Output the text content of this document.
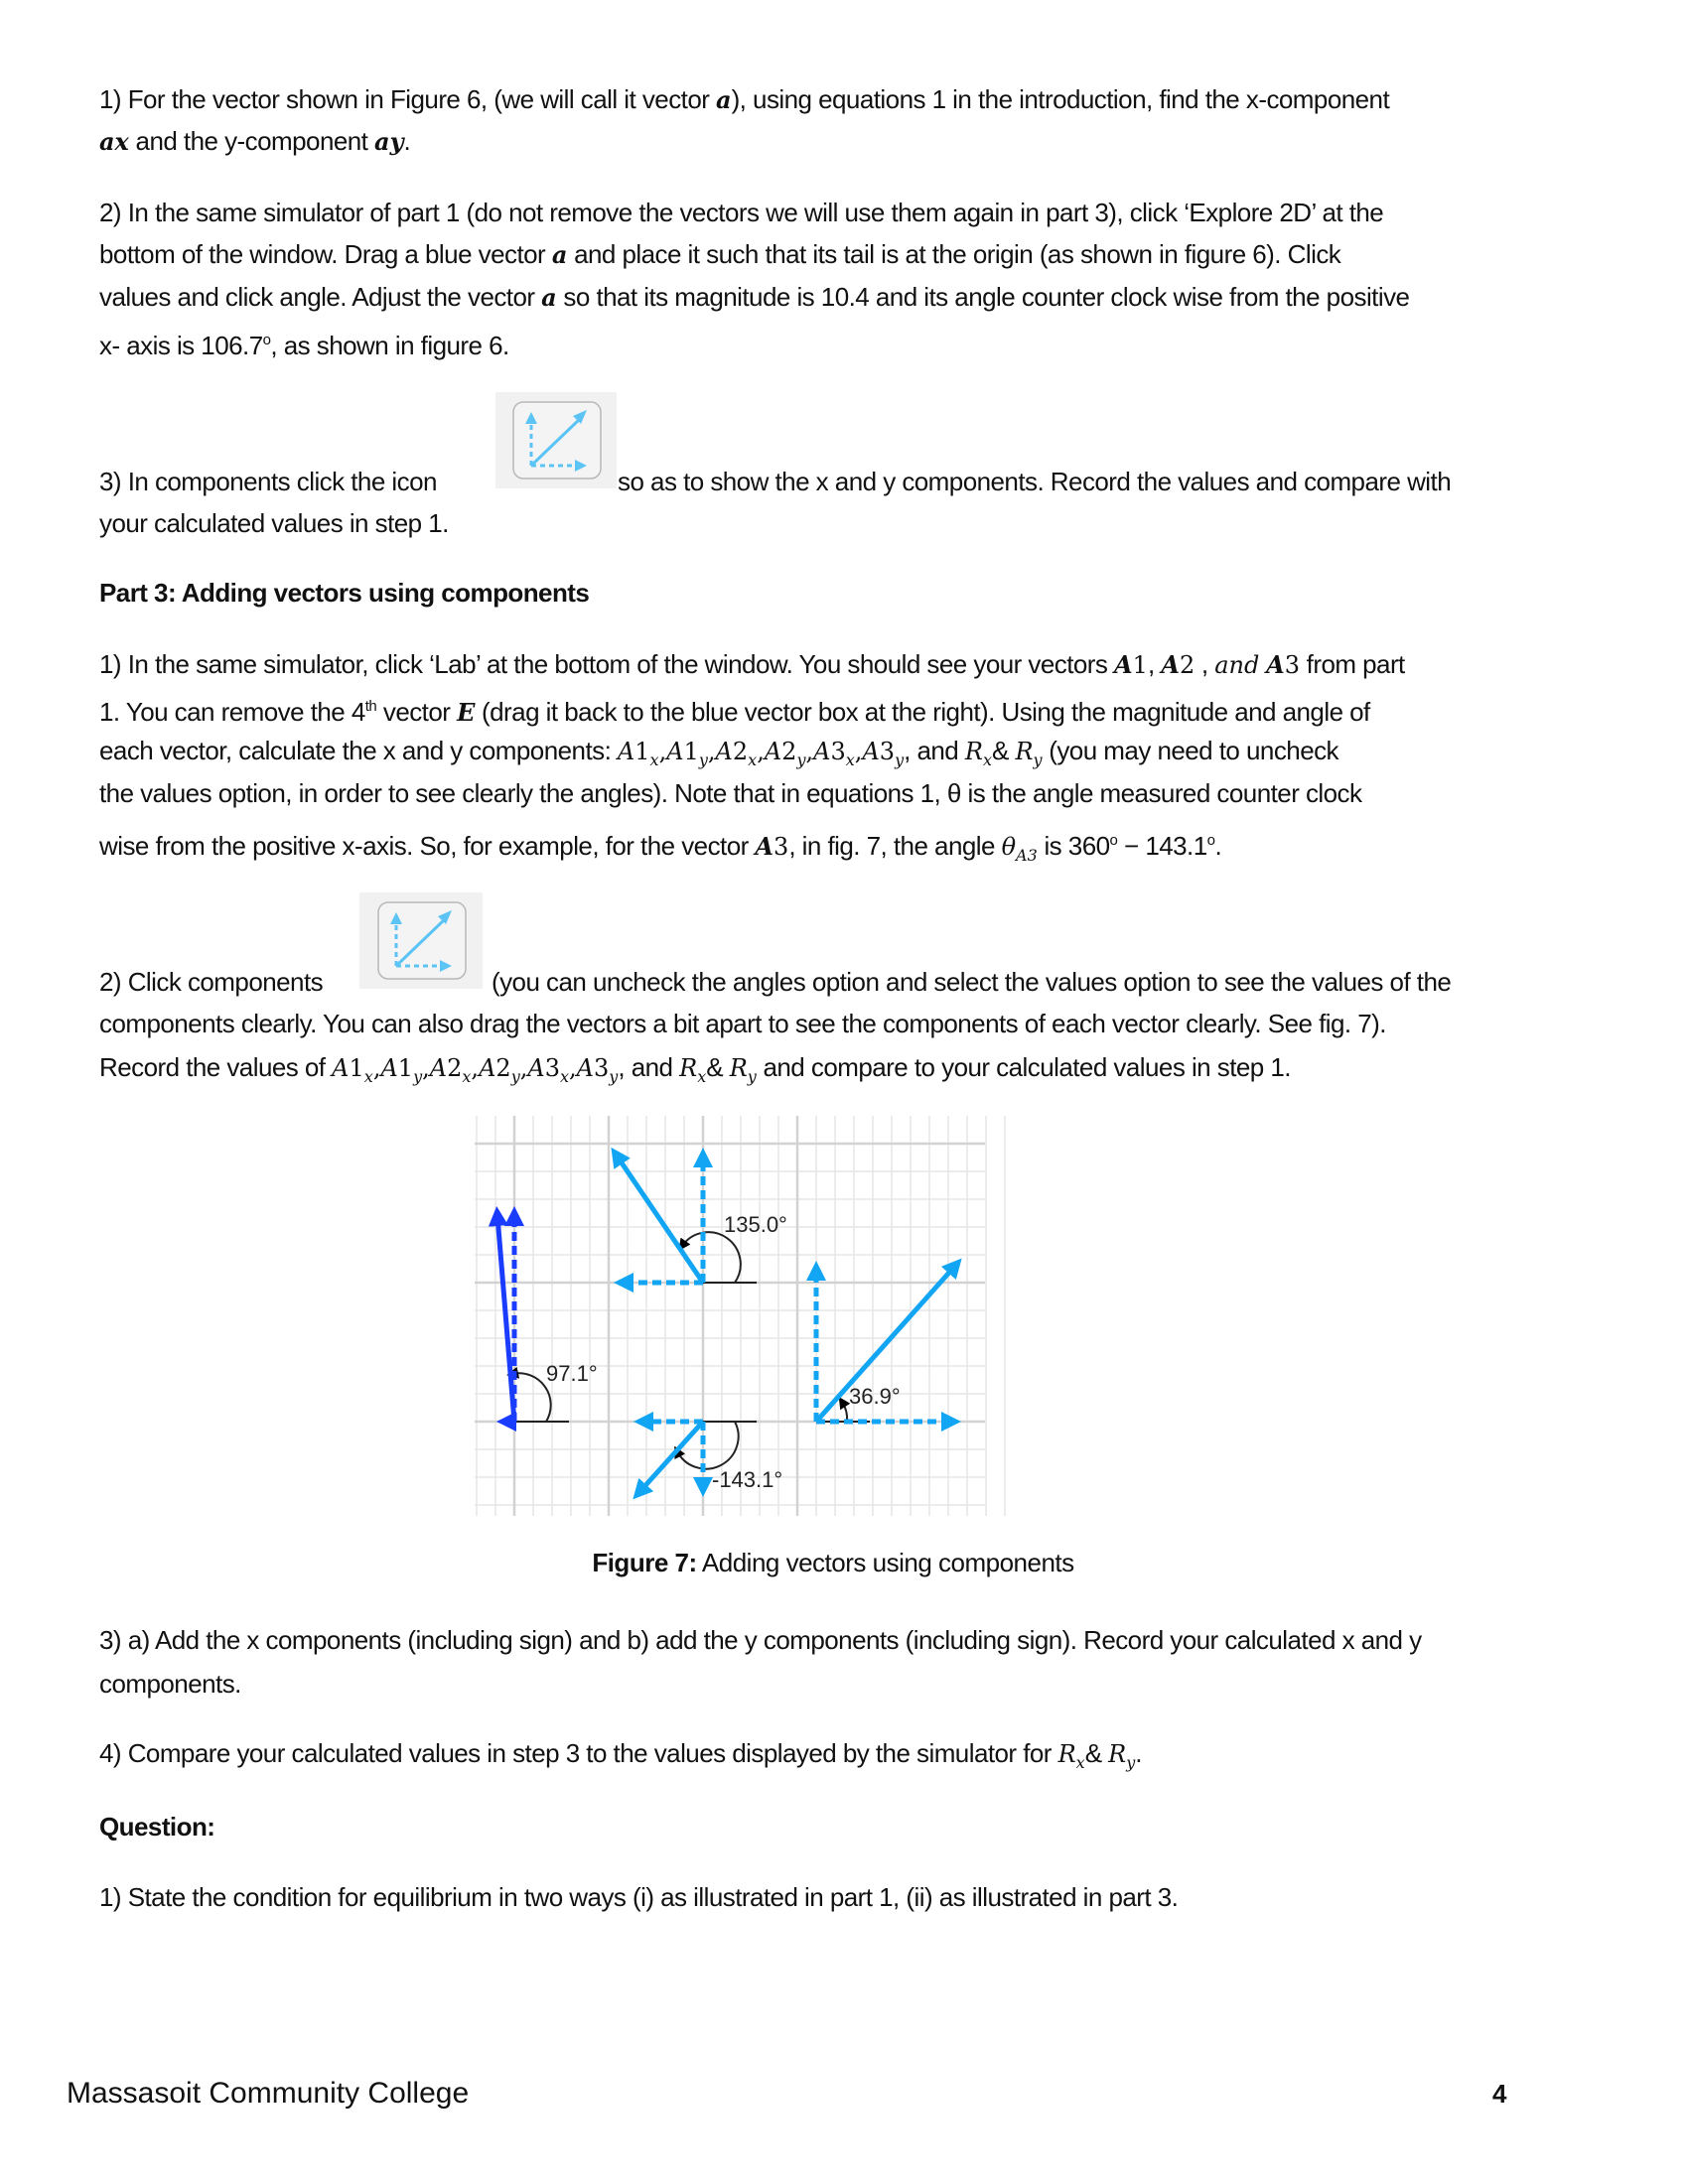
1) For the vector shown in Figure 6, (we will call it vector a), using equations 1 in the introduction, find the x-component
ax and the y-component ay.
2) In the same simulator of part 1 (do not remove the vectors we will use them again in part 3), click ‘Explore 2D’ at the
bottom of the window. Drag a blue vector a and place it such that its tail is at the origin (as shown in figure 6). Click
values and click angle. Adjust the vector a so that its magnitude is 10.4 and its angle counter clock wise from the positive
x- axis is 106.7$^o$, as shown in figure 6.
3) In components click the icon	so as to show the x and y components. Record the values and compare with
your calculated values in step 1.
Part 3: Adding vectors using components
1) In the same simulator, click ‘Lab’ at the bottom of the window. You should see your vectors A1, A2 , and A3 from part
1. You can remove the 4th vector E (drag it back to the blue vector box at the right). Using the magnitude and angle of
each vector, calculate the x and y components: $A1_x,A1_y,A2_x,A2_y,A3_x,A3_y$, and $R_x\&$ $R_y$ (you may need to uncheck
the values option, in order to see clearly the angles). Note that in equations 1, θ is the angle measured counter clock
wise from the positive x-axis. So, for example, for the vector A3, in fig. 7, the angle $\theta_{A3}$ is $360^o - 143.1^o$.
2) Click components	(you can uncheck the angles option and select the values option to see the values of the
components clearly. You can also drag the vectors a bit apart to see the components of each vector clearly. See fig. 7).
Record the values of $A1_x,A1_y,A2_x,A2_y,A3_x,A3_y$, and $R_x\&$ $R_y$ and compare to your calculated values in step 1.
97.1°
135.0°
-143.1°
36.9°
Figure 7: Adding vectors using components
3) a) Add the x components (including sign) and b) add the y components (including sign). Record your calculated x and y
components.
4) Compare your calculated values in step 3 to the values displayed by the simulator for $R_x\&$ $R_y$.
Question:
1) State the condition for equilibrium in two ways (i) as illustrated in part 1, (ii) as illustrated in part 3.
Massasoit Community College	4
